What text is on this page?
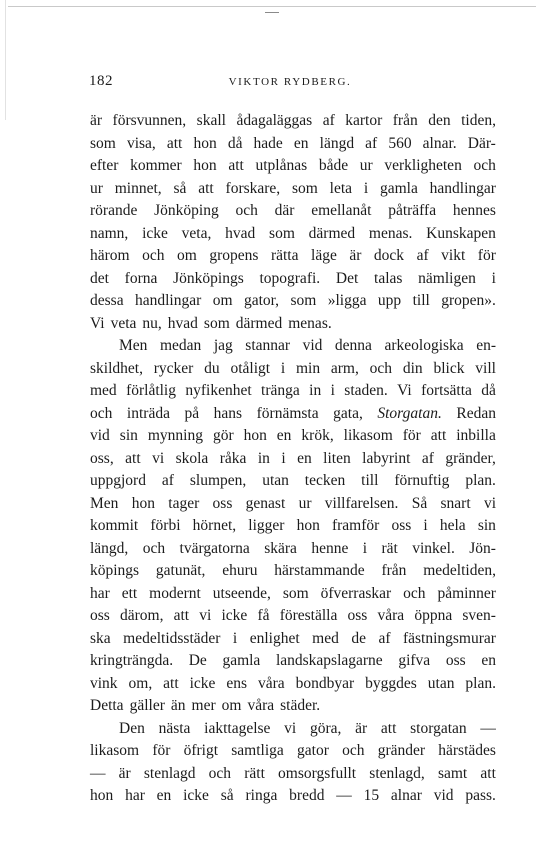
182	VIKTOR RYDBERG.
är försvunnen, skall ådagaläggas af kartor från den tiden,
som visa, att hon då hade en längd af 560 alnar. Där-
efter kommer hon att utplånas både ur verkligheten och
ur minnet, så att forskare, som leta i gamla handlingar
rörande Jönköping och där emellanåt påträffa hennes
namn, icke veta, hvad som därmed menas. Kunskapen
härom och om gropens rätta läge är dock af vikt för
det forna Jönköpings topografi. Det talas nämligen i
dessa handlingar om gator, som »ligga upp till gropen».
Vi veta nu, hvad som därmed menas.
Men medan jag stannar vid denna arkeologiska en-
skildhet, rycker du otåligt i min arm, och din blick vill
med förlåtlig nyfikenhet tränga in i staden. Vi fortsätta då
och inträda på hans förnämsta gata, Storgatan. Redan
vid sin mynning gör hon en krök, likasom för att inbilla
oss, att vi skola råka in i en liten labyrint af gränder,
uppgjord af slumpen, utan tecken till förnuftig plan.
Men hon tager oss genast ur villfarelsen. Så snart vi
kommit förbi hörnet, ligger hon framför oss i hela sin
längd, och tvärgatorna skära henne i rät vinkel. Jön-
köpings gatunät, ehuru härstammande från medeltiden,
har ett modernt utseende, som öfverraskar och påminner
oss därom, att vi icke få föreställa oss våra öppna sven-
ska medeltidsstäder i enlighet med de af fästningsmurar
kringträngda. De gamla landskapslagarne gifva oss en
vink om, att icke ens våra bondbyar byggdes utan plan.
Detta gäller än mer om våra städer.
Den nästa iakttagelse vi göra, är att storgatan —
likasom för öfrigt samtliga gator och gränder härstädes
— är stenlagd och rätt omsorgsfullt stenlagd, samt att
hon har en icke så ringa bredd — 15 alnar vid pass.
